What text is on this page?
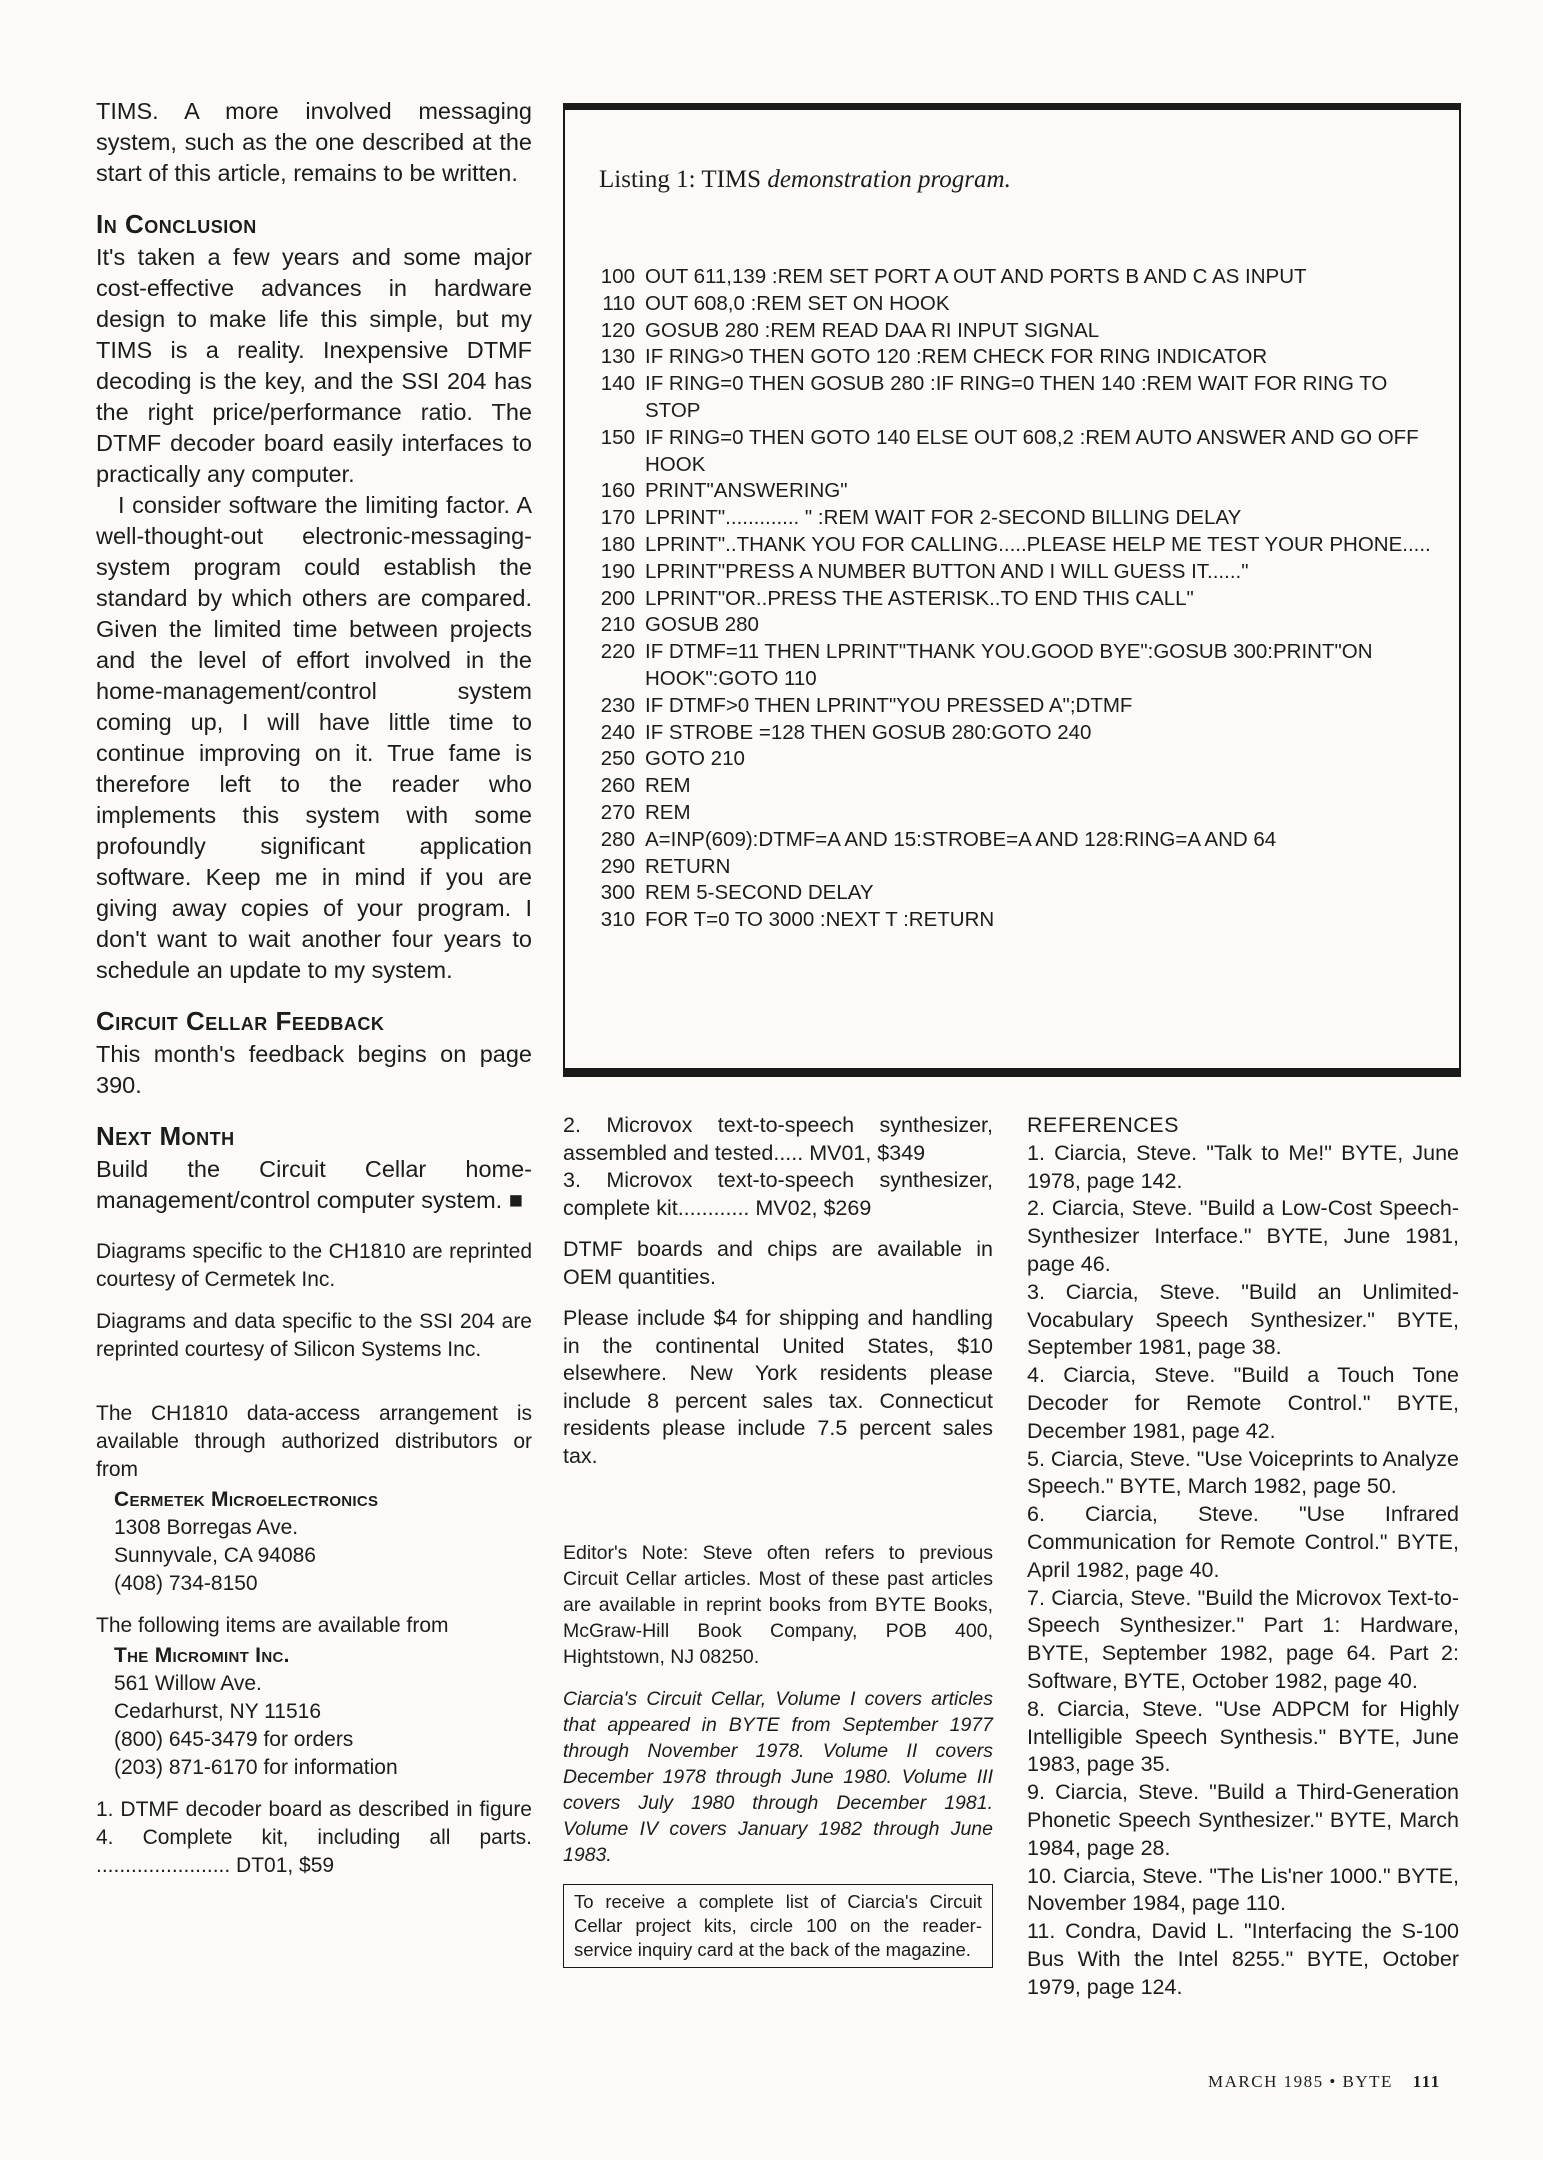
TIMS. A more involved messaging system, such as the one described at the start of this article, remains to be written.

In Conclusion

It's taken a few years and some major cost-effective advances in hardware design to make life this simple, but my TIMS is a reality. Inexpensive DTMF decoding is the key, and the SSI 204 has the right price/performance ratio. The DTMF decoder board easily interfaces to practically any computer.

I consider software the limiting factor. A well-thought-out electronic-messaging-system program could establish the standard by which others are compared. Given the limited time between projects and the level of effort involved in the home-management/control system coming up, I will have little time to continue improving on it. True fame is therefore left to the reader who implements this system with some profoundly significant application software. Keep me in mind if you are giving away copies of your program. I don't want to wait another four years to schedule an update to my system.

Circuit Cellar Feedback

This month's feedback begins on page 390.

Next Month

Build the Circuit Cellar home-management/control computer system. ■

Diagrams specific to the CH1810 are reprinted courtesy of Cermetek Inc.

Diagrams and data specific to the SSI 204 are reprinted courtesy of Silicon Systems Inc.

The CH1810 data-access arrangement is available through authorized distributors or from

Cermetek Microelectronics
1308 Borregas Ave.
Sunnyvale, CA 94086
(408) 734-8150

The following items are available from

The Micromint Inc.
561 Willow Ave.
Cedarhurst, NY 11516
(800) 645-3479 for orders
(203) 871-6170 for information

1. DTMF decoder board as described in figure 4. Complete kit, including all parts. ....................... DT01, $59

Listing 1: TIMS demonstration program.
100 OUT 611,139 :REM SET PORT A OUT AND PORTS B AND C AS INPUT
110 OUT 608,0 :REM SET ON HOOK
120 GOSUB 280 :REM READ DAA RI INPUT SIGNAL
130 IF RING>0 THEN GOTO 120 :REM CHECK FOR RING INDICATOR
140 IF RING=0 THEN GOSUB 280 :IF RING=0 THEN 140 :REM WAIT FOR RING TO STOP
150 IF RING=0 THEN GOTO 140 ELSE OUT 608,2 :REM AUTO ANSWER AND GO OFF HOOK
160 PRINT"ANSWERING"
170 LPRINT"............. " :REM WAIT FOR 2-SECOND BILLING DELAY
180 LPRINT"..THANK YOU FOR CALLING.....PLEASE HELP ME TEST YOUR PHONE.....
190 LPRINT"PRESS A NUMBER BUTTON AND I WILL GUESS IT......"
200 LPRINT"OR..PRESS THE ASTERISK..TO END THIS CALL"
210 GOSUB 280
220 IF DTMF=11 THEN LPRINT"THANK YOU.GOOD BYE":GOSUB 300:PRINT"ON HOOK":GOTO 110
230 IF DTMF>0 THEN LPRINT"YOU PRESSED A";DTMF
240 IF STROBE =128 THEN GOSUB 280:GOTO 240
250 GOTO 210
260 REM
270 REM
280 A=INP(609):DTMF=A AND 15:STROBE=A AND 128:RING=A AND 64
290 RETURN
300 REM 5-SECOND DELAY
310 FOR T=0 TO 3000 :NEXT T :RETURN

2. Microvox text-to-speech synthesizer, assembled and tested..... MV01, $349

3. Microvox text-to-speech synthesizer, complete kit............ MV02, $269

DTMF boards and chips are available in OEM quantities.

Please include $4 for shipping and handling in the continental United States, $10 elsewhere. New York residents please include 8 percent sales tax. Connecticut residents please include 7.5 percent sales tax.

Editor's Note: Steve often refers to previous Circuit Cellar articles. Most of these past articles are available in reprint books from BYTE Books, McGraw-Hill Book Company, POB 400, Hightstown, NJ 08250.

Ciarcia's Circuit Cellar, Volume I covers articles that appeared in BYTE from September 1977 through November 1978. Volume II covers December 1978 through June 1980. Volume III covers July 1980 through December 1981. Volume IV covers January 1982 through June 1983.

To receive a complete list of Ciarcia's Circuit Cellar project kits, circle 100 on the reader-service inquiry card at the back of the magazine.
REFERENCES

1. Ciarcia, Steve. "Talk to Me!" BYTE, June 1978, page 142.

2. Ciarcia, Steve. "Build a Low-Cost Speech-Synthesizer Interface." BYTE, June 1981, page 46.

3. Ciarcia, Steve. "Build an Unlimited-Vocabulary Speech Synthesizer." BYTE, September 1981, page 38.

4. Ciarcia, Steve. "Build a Touch Tone Decoder for Remote Control." BYTE, December 1981, page 42.

5. Ciarcia, Steve. "Use Voiceprints to Analyze Speech." BYTE, March 1982, page 50.

6. Ciarcia, Steve. "Use Infrared Communication for Remote Control." BYTE, April 1982, page 40.

7. Ciarcia, Steve. "Build the Microvox Text-to-Speech Synthesizer." Part 1: Hardware, BYTE, September 1982, page 64. Part 2: Software, BYTE, October 1982, page 40.

8. Ciarcia, Steve. "Use ADPCM for Highly Intelligible Speech Synthesis." BYTE, June 1983, page 35.

9. Ciarcia, Steve. "Build a Third-Generation Phonetic Speech Synthesizer." BYTE, March 1984, page 28.

10. Ciarcia, Steve. "The Lis'ner 1000." BYTE, November 1984, page 110.

11. Condra, David L. "Interfacing the S-100 Bus With the Intel 8255." BYTE, October 1979, page 124.

MARCH 1985 • BYTE 111
